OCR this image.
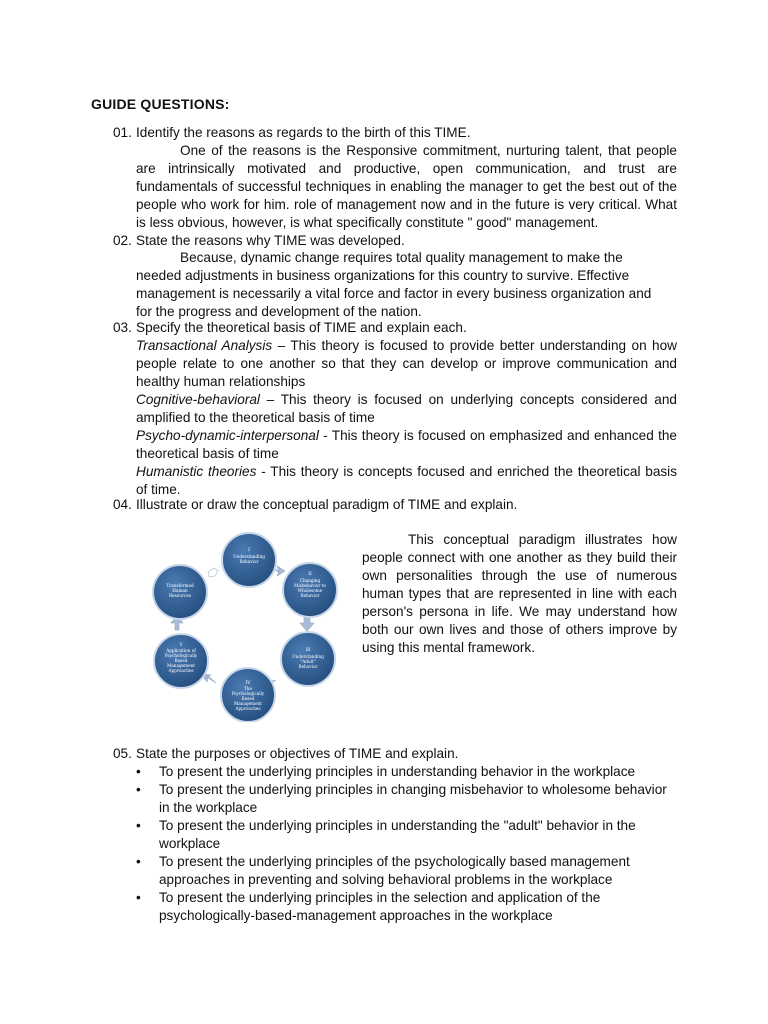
GUIDE QUESTIONS:
01. Identify the reasons as regards to the birth of this TIME.
One of the reasons is the Responsive commitment, nurturing talent, that people are intrinsically motivated and productive, open communication, and trust are fundamentals of successful techniques in enabling the manager to get the best out of the people who work for him. role of management now and in the future is very critical. What is less obvious, however, is what specifically constitute " good" management.
02. State the reasons why TIME was developed.
Because, dynamic change requires total quality management to make the needed adjustments in business organizations for this country to survive. Effective management is necessarily a vital force and factor in every business organization and for the progress and development of the nation.
03. Specify the theoretical basis of TIME and explain each.
Transactional Analysis – This theory is focused to provide better understanding on how people relate to one another so that they can develop or improve communication and healthy human relationships
Cognitive-behavioral – This theory is focused on underlying concepts considered and amplified to the theoretical basis of time
Psycho-dynamic-interpersonal - This theory is focused on emphasized and enhanced the theoretical basis of time
Humanistic theories - This theory is concepts focused and enriched the theoretical basis of time.
04. Illustrate or draw the conceptual paradigm of TIME and explain.
I
Understanding Behavior
II
Changing Misbehavior to Wholesome Behavior
III
Understanding "Adult" Behavior
IV
The Psychologically Based Management Approaches
V
Application of Psychologically Based Management Approaches
Transformed Human Resources
This conceptual paradigm illustrates how people connect with one another as they build their own personalities through the use of numerous human types that are represented in line with each person's persona in life. We may understand how both our own lives and those of others improve by using this mental framework.
05. State the purposes or objectives of TIME and explain.
• To present the underlying principles in understanding behavior in the workplace
• To present the underlying principles in changing misbehavior to wholesome behavior in the workplace
• To present the underlying principles in understanding the "adult" behavior in the workplace
• To present the underlying principles of the psychologically based management approaches in preventing and solving behavioral problems in the workplace
• To present the underlying principles in the selection and application of the psychologically-based-management approaches in the workplace
